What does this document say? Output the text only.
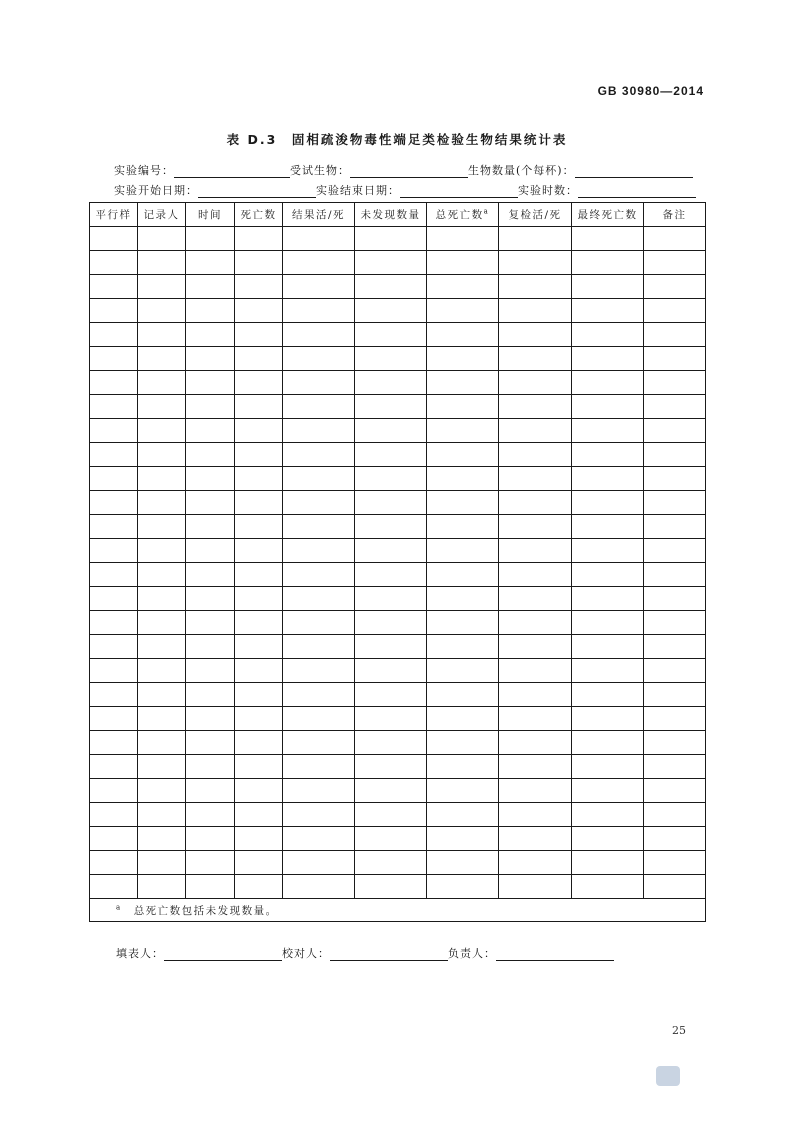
GB 30980—2014
表 D.3　固相疏浚物毒性端足类检验生物结果统计表
实验编号：	受试生物：	生物数量(个每杯)：
实验开始日期：	实验结束日期：	实验时数：
平行样	记录人	时间	死亡数	结果活/死	未发现数量	总死亡数$^a$	复检活/死	最终死亡数	备注

$^a$　 总死亡数包括未发现数量。									
填表人：	校对人：	负责人：
25
